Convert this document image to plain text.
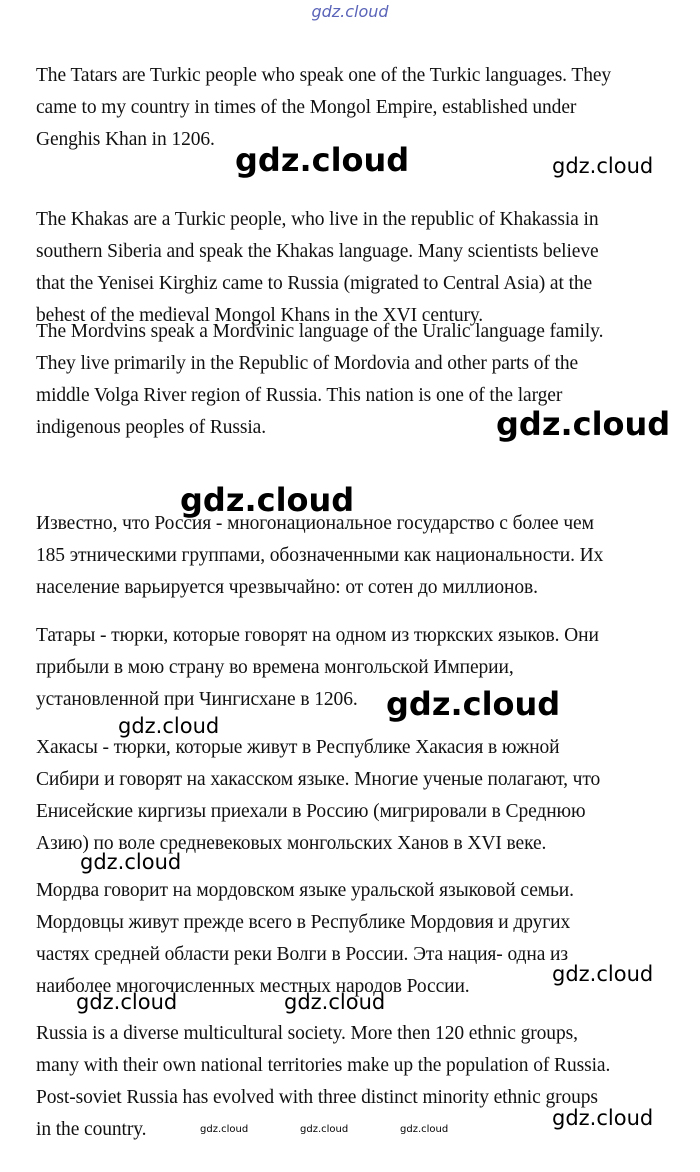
gdz.cloud

The Tatars are Turkic people who speak one of the Turkic languages. They
came to my country in times of the Mongol Empire, established under
Genghis Khan in 1206.

The Khakas are a Turkic people, who live in the republic of Khakassia in
southern Siberia and speak the Khakas language. Many scientists believe
that the Yenisei Kirghiz came to Russia (migrated to Central Asia) at the
behest of the medieval Mongol Khans in the XVI century.

The Mordvins speak a Mordvinic language of the Uralic language family.
They live primarily in the Republic of Mordovia and other parts of the
middle Volga River region of Russia. This nation is one of the larger
indigenous peoples of Russia.

Известно, что Россия - многонациональное государство с более чем
185 этническими группами, обозначенными как национальности. Их
население варьируется чрезвычайно: от сотен до миллионов.

Татары - тюрки, которые говорят на одном из тюркских языков. Они
прибыли в мою страну во времена монгольской Империи,
установленной при Чингисхане в 1206.

Хакасы - тюрки, которые живут в Республике Хакасия в южной
Сибири и говорят на хакасском языке. Многие ученые полагают, что
Енисейские киргизы приехали в Россию (мигрировали в Среднюю
Азию) по воле средневековых монгольских Ханов в XVI веке.

Мордва говорит на мордовском языке уральской языковой семьи.
Мордовцы живут прежде всего в Республике Мордовия и других
частях средней области реки Волги в России. Эта нация- одна из
наиболее многочисленных местных народов России.

Russia is a diverse multicultural society. More then 120 ethnic groups,
many with their own national territories make up the population of Russia.
Post-soviet Russia has evolved with three distinct minority ethnic groups
in the country.

gdz.cloud	gdz.cloud
gdz.cloud
gdz.cloud
gdz.cloud
gdz.cloud
gdz.cloud
gdz.cloud
gdz.cloud	gdz.cloud
gdz.cloud
gdz.cloud	gdz.cloud	gdz.cloud
